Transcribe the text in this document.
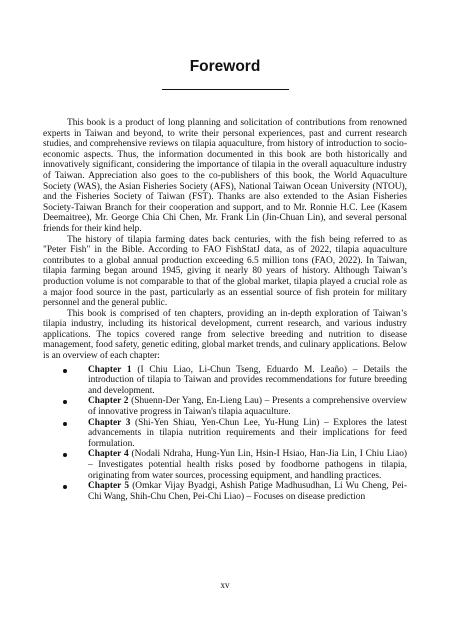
Foreword

This book is a product of long planning and solicitation of contributions from renowned experts in Taiwan and beyond, to write their personal experiences, past and current research studies, and comprehensive reviews on tilapia aquaculture, from history of introduction to socio-economic aspects. Thus, the information documented in this book are both historically and innovatively significant, considering the importance of tilapia in the overall aquaculture industry of Taiwan. Appreciation also goes to the co-publishers of this book, the World Aquaculture Society (WAS), the Asian Fisheries Society (AFS), National Taiwan Ocean University (NTOU), and the Fisheries Society of Taiwan (FST). Thanks are also extended to the Asian Fisheries Society-Taiwan Branch for their cooperation and support, and to Mr. Ronnie H.C. Lee (Kasem Deemaitree), Mr. George Chia Chi Chen, Mr. Frank Lin (Jin-Chuan Lin), and several personal friends for their kind help.

The history of tilapia farming dates back centuries, with the fish being referred to as "Peter Fish" in the Bible. According to FAO FishStatJ data, as of 2022, tilapia aquaculture contributes to a global annual production exceeding 6.5 million tons (FAO, 2022). In Taiwan, tilapia farming began around 1945, giving it nearly 80 years of history. Although Taiwan’s production volume is not comparable to that of the global market, tilapia played a crucial role as a major food source in the past, particularly as an essential source of fish protein for military personnel and the general public.

This book is comprised of ten chapters, providing an in-depth exploration of Taiwan’s tilapia industry, including its historical development, current research, and various industry applications. The topics covered range from selective breeding and nutrition to disease management, food safety, genetic editing, global market trends, and culinary applications. Below is an overview of each chapter:

Chapter 1 (I Chiu Liao, Li-Chun Tseng, Eduardo M. Leaño) – Details the introduction of tilapia to Taiwan and provides recommendations for future breeding and development.
Chapter 2 (Shuenn-Der Yang, En-Lieng Lau) – Presents a comprehensive overview of innovative progress in Taiwan's tilapia aquaculture.
Chapter 3 (Shi-Yen Shiau, Yen-Chun Lee, Yu-Hung Lin) – Explores the latest advancements in tilapia nutrition requirements and their implications for feed formulation.
Chapter 4 (Nodali Ndraha, Hung-Yun Lin, Hsin-I Hsiao, Han-Jia Lin, I Chiu Liao) – Investigates potential health risks posed by foodborne pathogens in tilapia, originating from water sources, processing equipment, and handling practices.
Chapter 5 (Omkar Vijay Byadgi, Ashish Patige Madhusudhan, Li Wu Cheng, Pei-Chi Wang, Shih-Chu Chen, Pei-Chi Liao) – Focuses on disease prediction
xv
